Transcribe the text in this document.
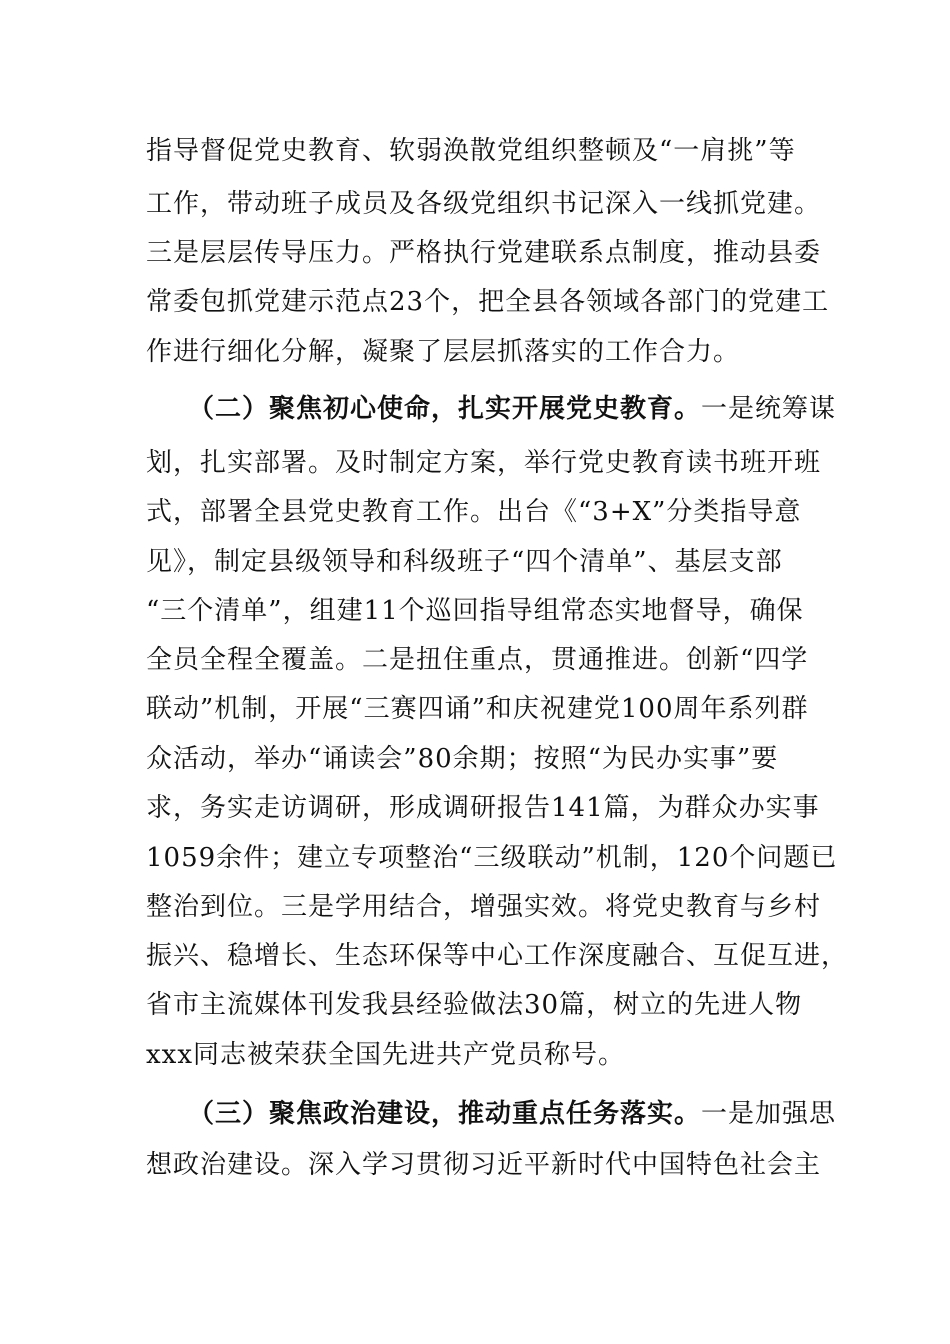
指导督促党史教育、软弱涣散党组织整顿及“一肩挑”等
工作，带动班子成员及各级党组织书记深入一线抓党建。
三是层层传导压力。严格执行党建联系点制度，推动县委
常委包抓党建示范点23个，把全县各领域各部门的党建工
作进行细化分解，凝聚了层层抓落实的工作合力。
（二）聚焦初心使命，扎实开展党史教育。一是统筹谋
划，扎实部署。及时制定方案，举行党史教育读书班开班
式，部署全县党史教育工作。出台《“3+X”分类指导意
见》，制定县级领导和科级班子“四个清单”、基层支部
“三个清单”，组建11个巡回指导组常态实地督导，确保
全员全程全覆盖。二是扭住重点，贯通推进。创新“四学
联动”机制，开展“三赛四诵”和庆祝建党100周年系列群
众活动，举办“诵读会”80余期；按照“为民办实事”要
求，务实走访调研，形成调研报告141篇，为群众办实事
1059余件；建立专项整治“三级联动”机制，120个问题已
整治到位。三是学用结合，增强实效。将党史教育与乡村
振兴、稳增长、生态环保等中心工作深度融合、互促互进，
省市主流媒体刊发我县经验做法30篇，树立的先进人物
xxx同志被荣获全国先进共产党员称号。
（三）聚焦政治建设，推动重点任务落实。一是加强思
想政治建设。深入学习贯彻习近平新时代中国特色社会主
